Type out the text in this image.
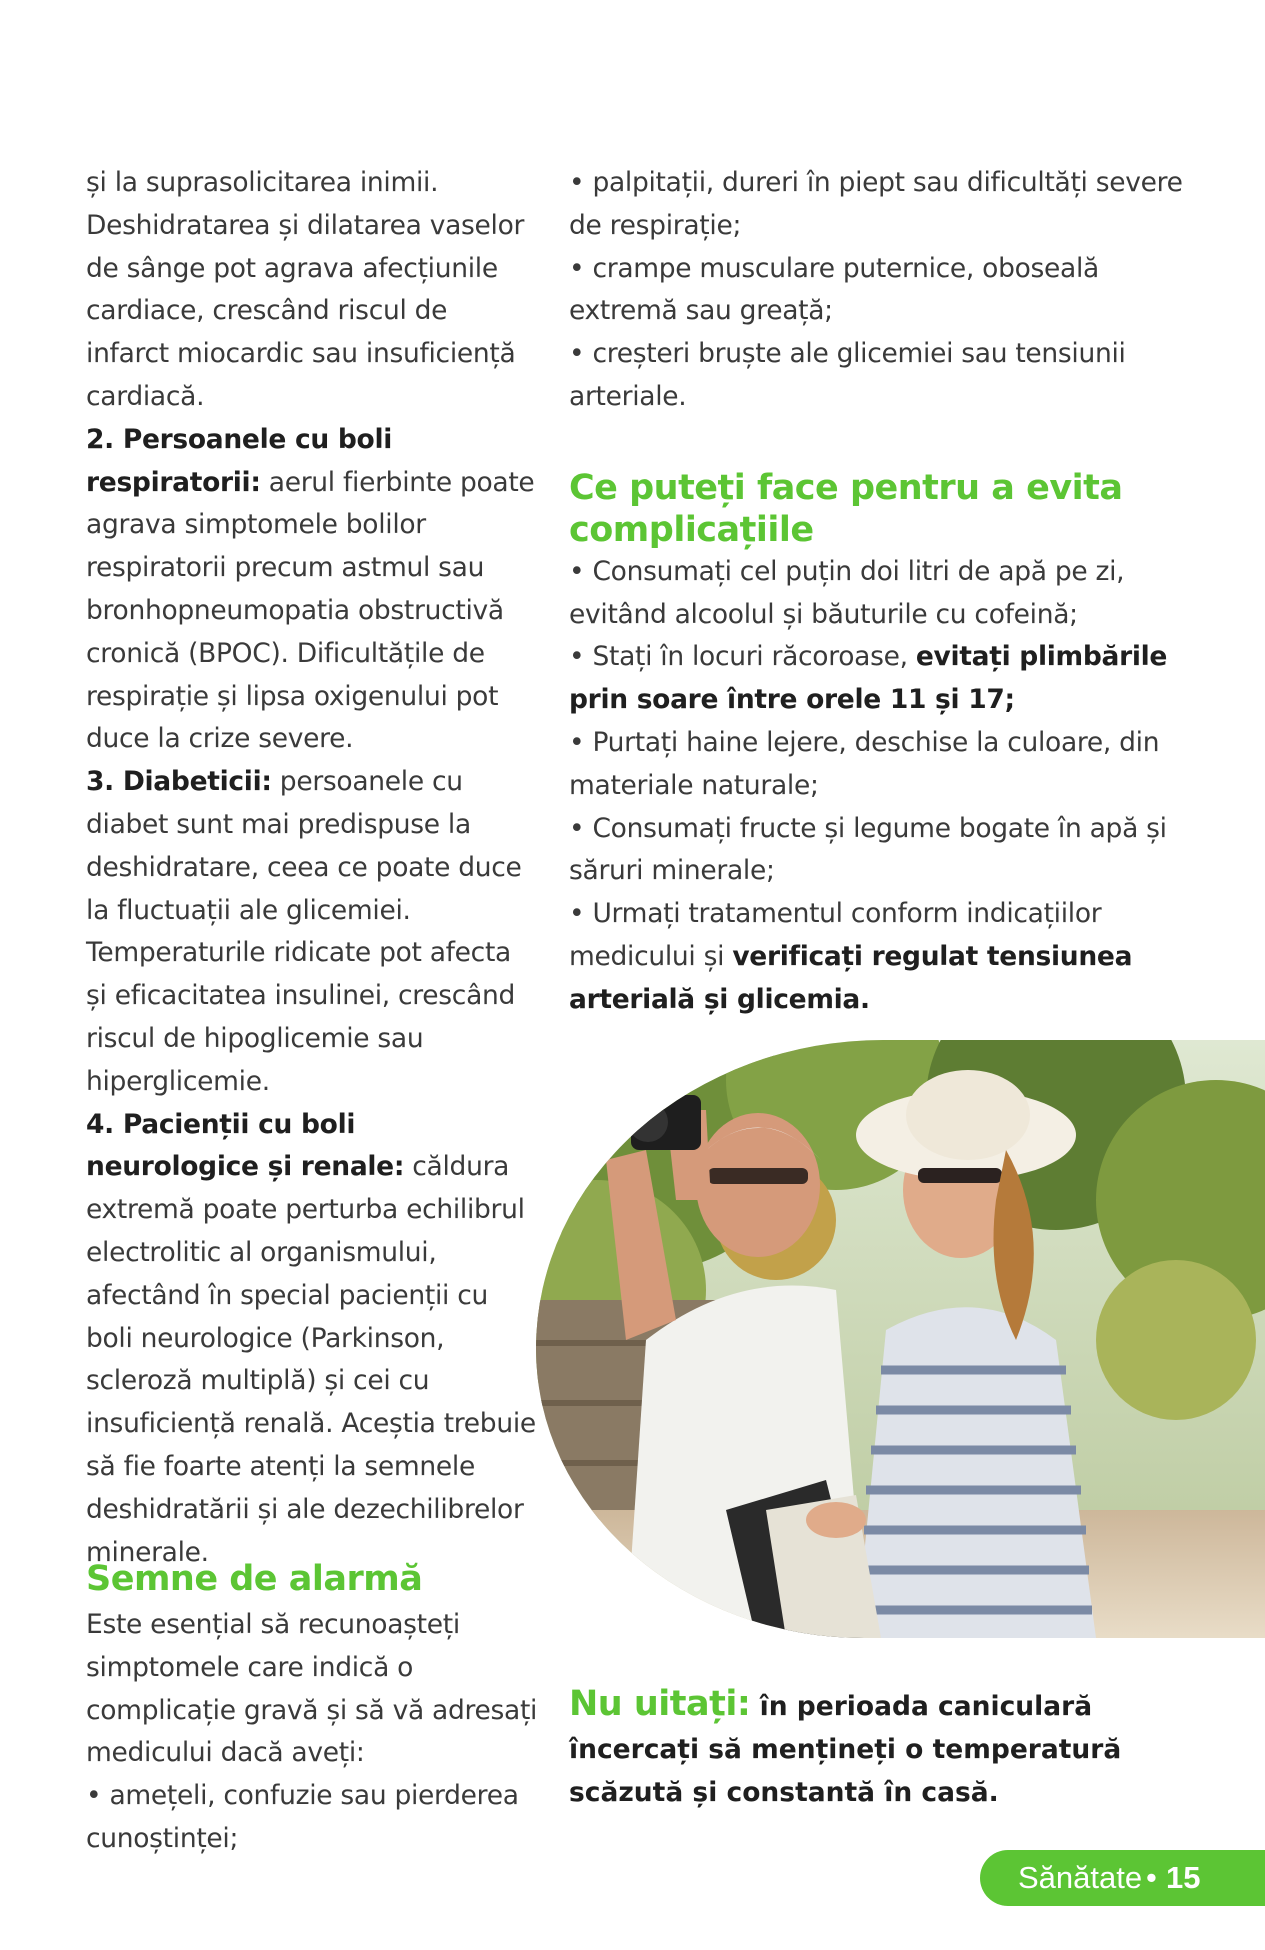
și la suprasolicitarea inimii. Deshidratarea și dilatarea vaselor de sânge pot agrava afecțiunile cardiace, crescând riscul de infarct miocardic sau insuficiență cardiacă.

2. Persoanele cu boli respiratorii: aerul fierbinte poate agrava simptomele bolilor respiratorii precum astmul sau bronhopneumopatia obstructivă cronică (BPOC). Dificultățile de respirație și lipsa oxigenului pot duce la crize severe.

3. Diabeticii: persoanele cu diabet sunt mai predispuse la deshidratare, ceea ce poate duce la fluctuații ale glicemiei. Temperaturile ridicate pot afecta și eficacitatea insulinei, crescând riscul de hipoglicemie sau hiperglicemie.

4. Pacienții cu boli neurologice și renale: căldura extremă poate perturba echilibrul electrolitic al organismului, afectând în special pacienții cu boli neurologice (Parkinson, scleroză multiplă) și cei cu insuficiență renală. Aceștia trebuie să fie foarte atenți la semnele deshidratării și ale dezechilibrelor minerale.

Semne de alarmă

Este esențial să recunoașteți simptomele care indică o complicație gravă și să vă adresați medicului dacă aveți:

• amețeli, confuzie sau pierderea cunoștinței;

• palpitații, dureri în piept sau dificultăți severe de respirație;

• crampe musculare puternice, oboseală extremă sau greață;

• creșteri bruște ale glicemiei sau tensiunii arteriale.

Ce puteți face pentru a evita complicațiile

• Consumați cel puțin doi litri de apă pe zi, evitând alcoolul și băuturile cu cofeină;

• Stați în locuri răcoroase, evitați plimbările prin soare între orele 11 și 17;

• Purtați haine lejere, deschise la culoare, din materiale naturale;

• Consumați fructe și legume bogate în apă și săruri minerale;

• Urmați tratamentul conform indicațiilor medicului și verificați regulat tensiunea arterială și glicemia.

Nu uitați: în perioada caniculară încercați să mențineți o temperatură scăzută și constantă în casă.
Sănătate • 15
